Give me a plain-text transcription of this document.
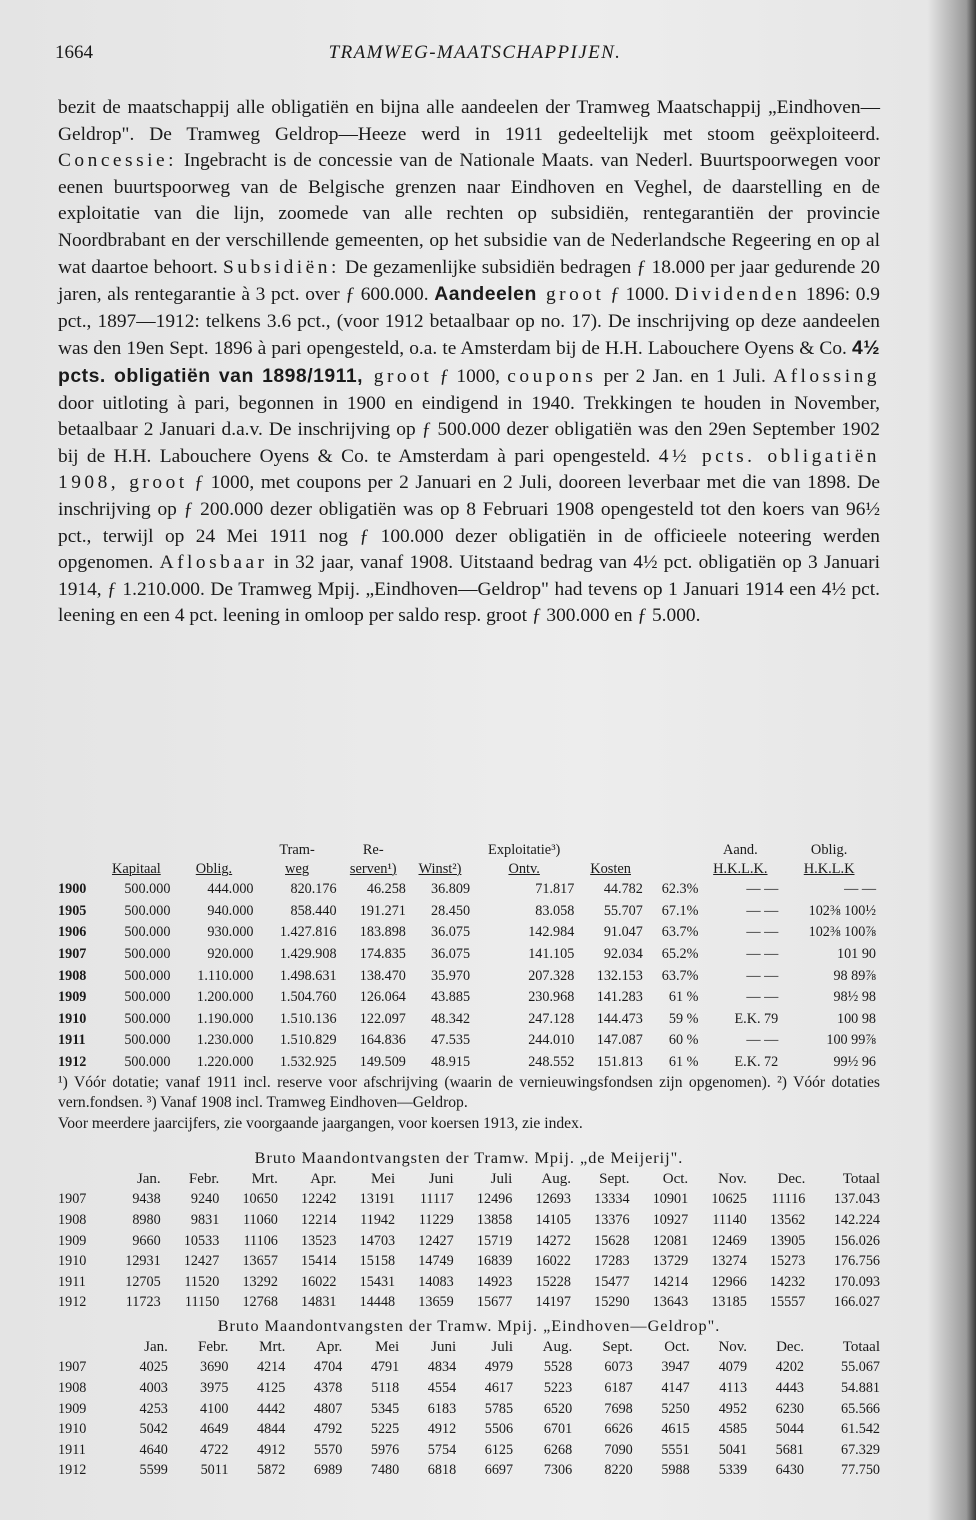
1664	TRAMWEG-MAATSCHAPPIJEN.

bezit de maatschappij alle obligatiën en bijna alle aandeelen der Tramweg Maatschappij „Eindhoven—Geldrop". De Tramweg Geldrop—Heeze werd in 1911 gedeeltelijk met stoom geëxploiteerd. Concessie: Ingebracht is de concessie van de Nationale Maats. van Nederl. Buurtspoorwegen voor eenen buurtspoorweg van de Belgische grenzen naar Eindhoven en Veghel, de daarstelling en de exploitatie van die lijn, zoomede van alle rechten op subsidiën, rentegarantiën der provincie Noordbrabant en der verschillende gemeenten, op het subsidie van de Nederlandsche Regeering en op al wat daartoe behoort. Subsidiën: De gezamenlijke subsidiën bedragen ƒ 18.000 per jaar gedurende 20 jaren, als rentegarantie à 3 pct. over ƒ 600.000. Aandeelen groot ƒ 1000. Dividenden 1896: 0.9 pct., 1897—1912: telkens 3.6 pct., (voor 1912 betaalbaar op no. 17). De inschrijving op deze aandeelen was den 19en Sept. 1896 à pari opengesteld, o.a. te Amsterdam bij de H.H. Labouchere Oyens & Co. 4½ pcts. obligatiën van 1898/1911, groot ƒ 1000, coupons per 2 Jan. en 1 Juli. Aflossing door uitloting à pari, begonnen in 1900 en eindigend in 1940. Trekkingen te houden in November, betaalbaar 2 Januari d.a.v. De inschrijving op ƒ 500.000 dezer obligatiën was den 29en September 1902 bij de H.H. Labouchere Oyens & Co. te Amsterdam à pari opengesteld. 4½ pcts. obligatiën 1908, groot ƒ 1000, met coupons per 2 Januari en 2 Juli, dooreen leverbaar met die van 1898. De inschrijving op ƒ 200.000 dezer obligatiën was op 8 Februari 1908 opengesteld tot den koers van 96½ pct., terwijl op 24 Mei 1911 nog ƒ 100.000 dezer obligatiën in de officieele noteering werden opgenomen. Aflosbaar in 32 jaar, vanaf 1908. Uitstaand bedrag van 4½ pct. obligatiën op 3 Januari 1914, ƒ 1.210.000. De Tramweg Mpij. „Eindhoven—Geldrop" had tevens op 1 Januari 1914 een 4½ pct. leening en een 4 pct. leening in omloop per saldo resp. groot ƒ 300.000 en ƒ 5.000.

			Tram-	Re-		Exploitatie³)			Aand.	Oblig.
	Kapitaal	Oblig.	weg	serven¹)	Winst²)	Ontv.	Kosten		H.K.L.K.	H.K.L.K
1900	500.000	444.000	820.176	46.258	36.809	71.817	44.782	62.3%	— —	— —
1905	500.000	940.000	858.440	191.271	28.450	83.058	55.707	67.1%	— —	102⅜ 100½
1906	500.000	930.000	1.427.816	183.898	36.075	142.984	91.047	63.7%	— —	102⅜ 100⅞
1907	500.000	920.000	1.429.908	174.835	36.075	141.105	92.034	65.2%	— —	101 90
1908	500.000	1.110.000	1.498.631	138.470	35.970	207.328	132.153	63.7%	— —	98 89⅞
1909	500.000	1.200.000	1.504.760	126.064	43.885	230.968	141.283	61 %	— —	98½ 98
1910	500.000	1.190.000	1.510.136	122.097	48.342	247.128	144.473	59 %	E.K. 79	100 98
1911	500.000	1.230.000	1.510.829	164.836	47.535	244.010	147.087	60 %	— —	100 99⅞
1912	500.000	1.220.000	1.532.925	149.509	48.915	248.552	151.813	61 %	E.K. 72	99½ 96

¹) Vóór dotatie; vanaf 1911 incl. reserve voor afschrijving (waarin de vernieuwingsfondsen zijn opgenomen). ²) Vóór dotaties vern.fondsen. ³) Vanaf 1908 incl. Tramweg Eindhoven—Geldrop.

Voor meerdere jaarcijfers, zie voorgaande jaargangen, voor koersen 1913, zie index.

Bruto Maandontvangsten der Tramw. Mpij. „de Meijerij".													
	Jan.	Febr.	Mrt.	Apr.	Mei	Juni	Juli	Aug.	Sept.	Oct.	Nov.	Dec.	Totaal
1907	9438	9240	10650	12242	13191	11117	12496	12693	13334	10901	10625	11116	137.043
1908	8980	9831	11060	12214	11942	11229	13858	14105	13376	10927	11140	13562	142.224
1909	9660	10533	11106	13523	14703	12427	15719	14272	15628	12081	12469	13905	156.026
1910	12931	12427	13657	15414	15158	14749	16839	16022	17283	13729	13274	15273	176.756
1911	12705	11520	13292	16022	15431	14083	14923	15228	15477	14214	12966	14232	170.093
1912	11723	11150	12768	14831	14448	13659	15677	14197	15290	13643	13185	15557	166.027
Bruto Maandontvangsten der Tramw. Mpij. „Eindhoven—Geldrop".													
	Jan.	Febr.	Mrt.	Apr.	Mei	Juni	Juli	Aug.	Sept.	Oct.	Nov.	Dec.	Totaal
1907	4025	3690	4214	4704	4791	4834	4979	5528	6073	3947	4079	4202	55.067
1908	4003	3975	4125	4378	5118	4554	4617	5223	6187	4147	4113	4443	54.881
1909	4253	4100	4442	4807	5345	6183	5785	6520	7698	5250	4952	6230	65.566
1910	5042	4649	4844	4792	5225	4912	5506	6701	6626	4615	4585	5044	61.542
1911	4640	4722	4912	5570	5976	5754	6125	6268	7090	5551	5041	5681	67.329
1912	5599	5011	5872	6989	7480	6818	6697	7306	8220	5988	5339	6430	77.750
